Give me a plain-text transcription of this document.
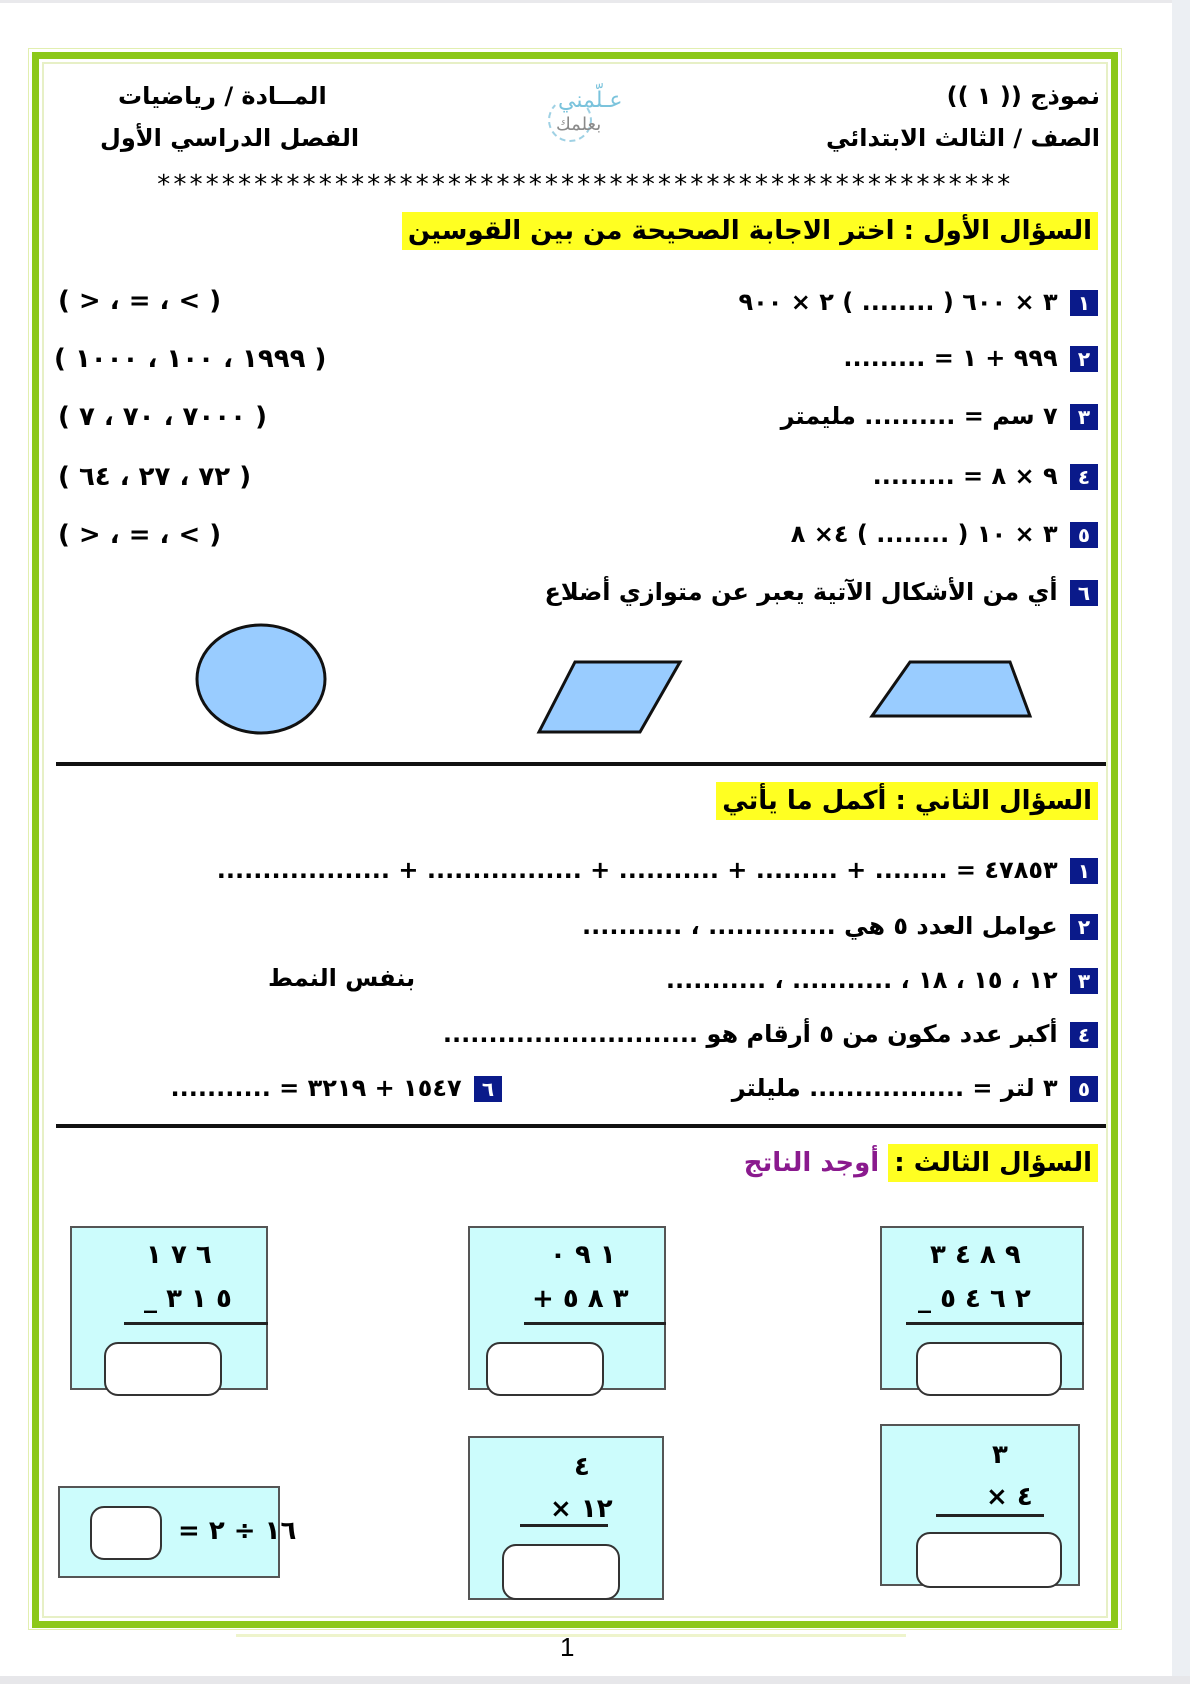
نموذج (( ١ ))
الصف / الثالث الابتدائي
المــادة / رياضيات
الفصل الدراسي الأول
عـلّمني
بعلمك
*****************************************************
السؤال الأول : اختر الاجابة الصحيحة من بين القوسين
١ ٣ × ٦٠٠ ( ........ ) ٢ × ٩٠٠
( > ، = ، < )
٢ ٩٩٩ + ١ = .........
( ١٩٩٩ ، ١٠٠ ، ١٠٠٠ )
٣ ٧ سم = .......... مليمتر
( ٧٠٠٠ ، ٧٠ ، ٧ )
٤ ٩ × ٨ = .........
( ٧٢ ، ٢٧ ، ٦٤ )
٥ ٣ × ١٠ ( ........ ) ٤× ٨
( > ، = ، < )
٦ أي من الأشكال الآتية يعبر عن متوازي أضلاع
السؤال الثاني : أكمل ما يأتي
١ ٤٧٨٥٣ = ........ + ......... + ........... + ................. + ...................
٢ عوامل العدد ٥ هي .............. ، ...........
٣ ١٢ ، ١٥ ، ١٨ ، ........... ، ...........
بنفس النمط
٤ أكبر عدد مكون من ٥ أرقام هو ............................
٥ ٣ لتر = ................. مليلتر
٦ ١٥٤٧ + ٣٢١٩ = ...........
السؤال الثالث : أوجد الناتج
٩ ٨ ٤ ٣
_ ٢ ٦ ٤ ٥
١ ٩ ٠
+ ٣ ٨ ٥
٦ ٧ ١
_ ٥ ١ ٣
٣
× ٤
٤
× ١٢
١٦ ÷ ٢ =
1
